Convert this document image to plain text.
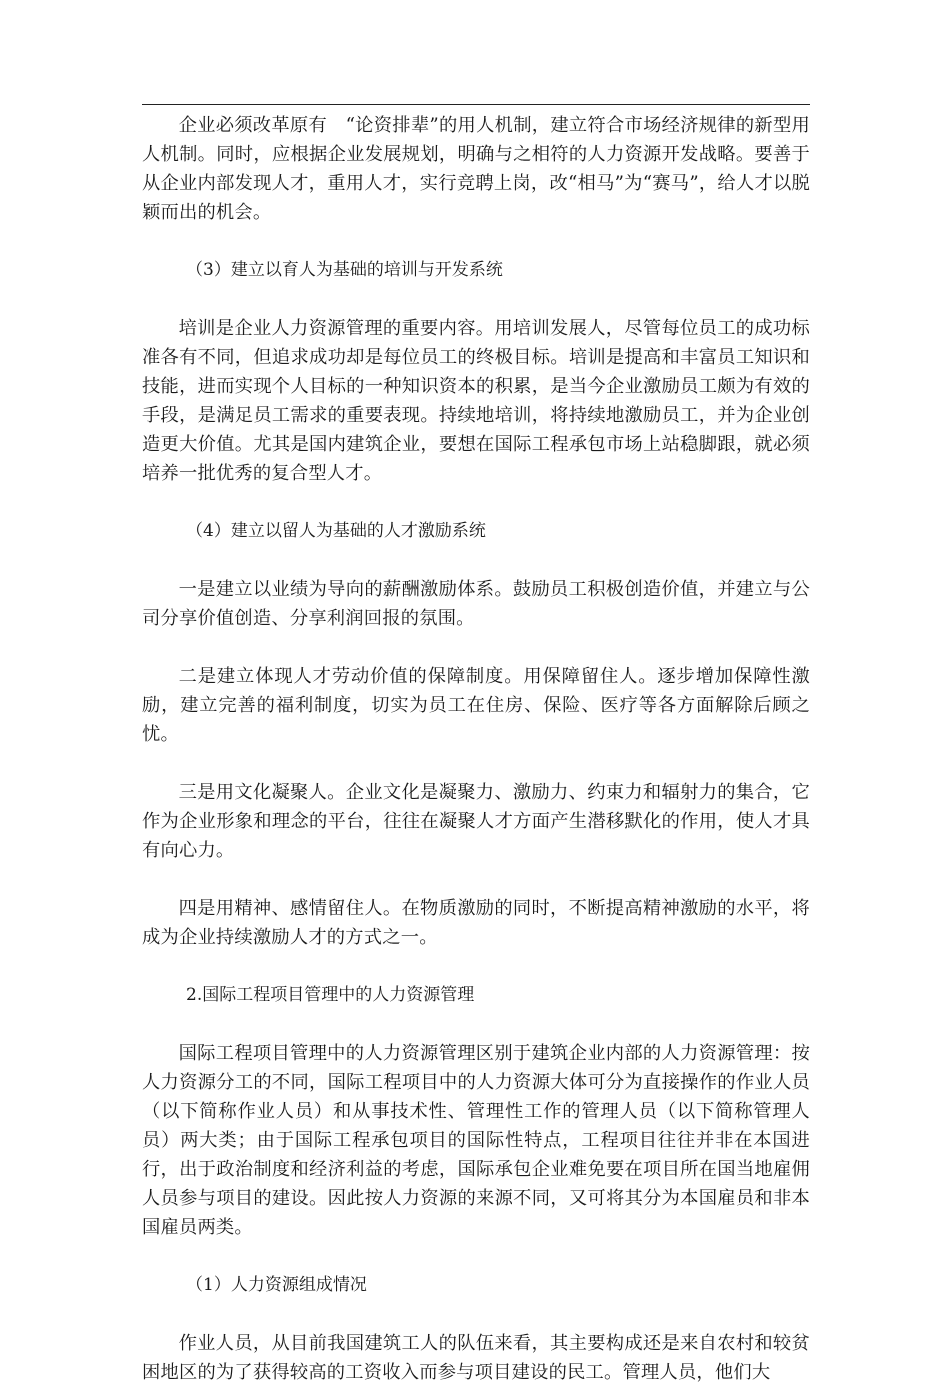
企业必须改革原有　“论资排辈”的用人机制，建立符合市场经济规律的新型用人机制。同时，应根据企业发展规划，明确与之相符的人力资源开发战略。要善于从企业内部发现人才，重用人才，实行竞聘上岗，改“相马”为“赛马”，给人才以脱颖而出的机会。

（3）建立以育人为基础的培训与开发系统

培训是企业人力资源管理的重要内容。用培训发展人，尽管每位员工的成功标准各有不同，但追求成功却是每位员工的终极目标。培训是提高和丰富员工知识和技能，进而实现个人目标的一种知识资本的积累，是当今企业激励员工颇为有效的手段，是满足员工需求的重要表现。持续地培训，将持续地激励员工，并为企业创造更大价值。尤其是国内建筑企业，要想在国际工程承包市场上站稳脚跟，就必须培养一批优秀的复合型人才。

（4）建立以留人为基础的人才激励系统

一是建立以业绩为导向的薪酬激励体系。鼓励员工积极创造价值，并建立与公司分享价值创造、分享利润回报的氛围。

二是建立体现人才劳动价值的保障制度。用保障留住人。逐步增加保障性激励，建立完善的福利制度，切实为员工在住房、保险、医疗等各方面解除后顾之忧。

三是用文化凝聚人。企业文化是凝聚力、激励力、约束力和辐射力的集合，它作为企业形象和理念的平台，往往在凝聚人才方面产生潜移默化的作用，使人才具有向心力。

四是用精神、感情留住人。在物质激励的同时，不断提高精神激励的水平，将成为企业持续激励人才的方式之一。

2.国际工程项目管理中的人力资源管理

国际工程项目管理中的人力资源管理区别于建筑企业内部的人力资源管理：按人力资源分工的不同，国际工程项目中的人力资源大体可分为直接操作的作业人员（以下简称作业人员）和从事技术性、管理性工作的管理人员（以下简称管理人员）两大类；由于国际工程承包项目的国际性特点，工程项目往往并非在本国进行，出于政治制度和经济利益的考虑，国际承包企业难免要在项目所在国当地雇佣人员参与项目的建设。因此按人力资源的来源不同，又可将其分为本国雇员和非本国雇员两类。

（1）人力资源组成情况

作业人员，从目前我国建筑工人的队伍来看，其主要构成还是来自农村和较贫困地区的为了获得较高的工资收入而参与项目建设的民工。管理人员，他们大
